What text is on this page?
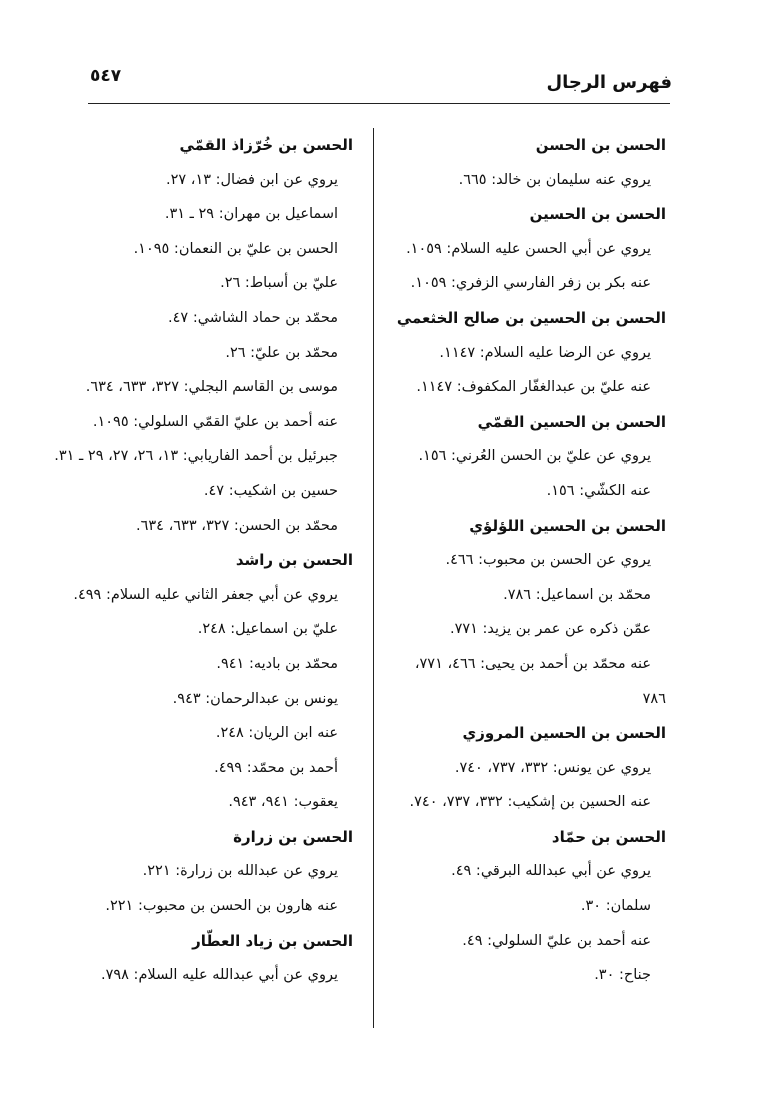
فهرس الرجال
٥٤٧
الحسن بن الحسن
يروي عنه سليمان بن خالد: ٦٦٥.
الحسن بن الحسين
يروي عن أبي الحسن عليه السلام: ١٠٥٩.
عنه بكر بن زفر الفارسي الزفري: ١٠٥٩.
الحسن بن الحسين بن صالح الخثعمي
يروي عن الرضا عليه السلام: ١١٤٧.
عنه عليّ بن عبدالغفّار المكفوف: ١١٤٧.
الحسن بن الحسين القمّي
يروي عن عليّ بن الحسن العُرني: ١٥٦.
عنه الكشّي: ١٥٦.
الحسن بن الحسين اللؤلؤي
يروي عن الحسن بن محبوب: ٤٦٦.
محمّد بن اسماعيل: ٧٨٦.
عمّن ذكره عن عمر بن يزيد: ٧٧١.
عنه محمّد بن أحمد بن يحيى: ٤٦٦، ٧٧١،
٧٨٦
الحسن بن الحسين المروزي
يروي عن يونس: ٣٣٢، ٧٣٧، ٧٤٠.
عنه الحسين بن إشكيب: ٣٣٢، ٧٣٧، ٧٤٠.
الحسن بن حمّاد
يروي عن أبي عبدالله البرقي: ٤٩.
سلمان: ٣٠.
عنه أحمد بن عليّ السلولي: ٤٩.
جناح: ٣٠.
الحسن بن خُرّزاذ القمّي
يروي عن ابن فضال: ١٣، ٢٧.
اسماعيل بن مهران: ٢٩ ـ ٣١.
الحسن بن عليّ بن النعمان: ١٠٩٥.
عليّ بن أسباط: ٢٦.
محمّد بن حماد الشاشي: ٤٧.
محمّد بن عليّ: ٢٦.
موسى بن القاسم البجلي: ٣٢٧، ٦٣٣، ٦٣٤.
عنه أحمد بن عليّ القمّي السلولي: ١٠٩٥.
جبرئيل بن أحمد الفاريابي: ١٣، ٢٦، ٢٧، ٢٩ ـ ٣١.
حسين بن اشكيب: ٤٧.
محمّد بن الحسن: ٣٢٧، ٦٣٣، ٦٣٤.
الحسن بن راشد
يروي عن أبي جعفر الثاني عليه السلام: ٤٩٩.
عليّ بن اسماعيل: ٢٤٨.
محمّد بن باديه: ٩٤١.
يونس بن عبدالرحمان: ٩٤٣.
عنه ابن الريان: ٢٤٨.
أحمد بن محمّد: ٤٩٩.
يعقوب: ٩٤١، ٩٤٣.
الحسن بن زرارة
يروي عن عبدالله بن زرارة: ٢٢١.
عنه هارون بن الحسن بن محبوب: ٢٢١.
الحسن بن زياد العطّار
يروي عن أبي عبدالله عليه السلام: ٧٩٨.
